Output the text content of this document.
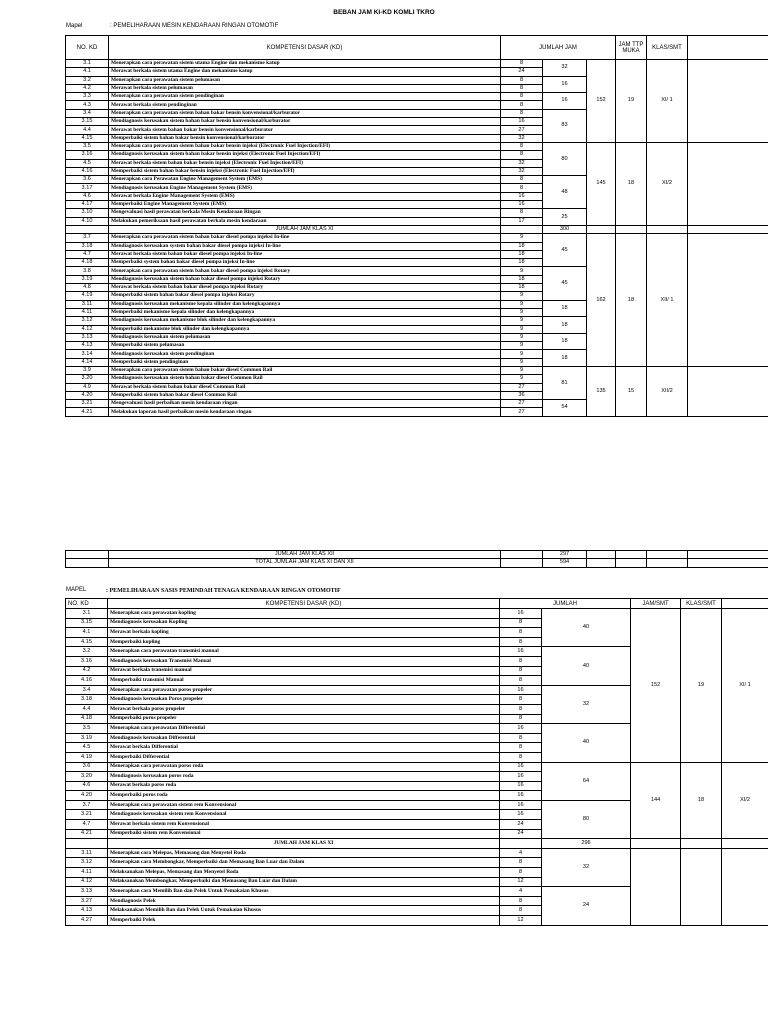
BEBAN JAM KI-KD KOMLI TKRO
Mapel	: PEMELIHARAAN MESIN KENDARAAN RINGAN OTOMOTIF
NO. KD	KOMPETENSI DASAR (KD)	JUMLAH JAM			JAM TTP MUKA	KLAS/SMT	
3.1	Menerapkan cara perawatan sistem utama Engine dan mekanisme katup	8	32	152	19	XI/ 1	
4.1	Merawat berkala sistem utama Engine dan mekanisme katup	24					
3.2	Menerapkan cara perawatan sistem pelumasan	8	16				
4.2	Merawat berkala sistem pelumasan	8					
3.3	Menerapkan cara perawatan sistem pendinginan	8	16				
4.3	Merawat berkala sistem pendinginan	8					
3.4	Menerapkan cara perawatan sistem bahan bakar bensin konvensional/karburator	8	83				
3.15	Mendiagnosis kerusakan sistem bahan bakar bensin konvensional/karburator	16					
4.4	Merawat berkala sistem bahan bakar bensin konvensional/karburator	27					
4.15	Memperbaiki sistem bahan bakar bensin konvensional/karburator	32					
3.5	Menerapkan cara perawatan sistem bahan bakar bensin injeksi (Electronic Fuel Injection/EFI)	8	80	145	18	XI/2	
3.16	Mendiagnosis kerusakan sistem bahan bakar bensin injeksi (Electronic Fuel Injection/EFI)	8					
4.5	Merawat berkala sistem bahan bakar bensin injeksi (Electronic Fuel Injection/EFI)	32					
4.16	Memperbaiki sistem bahan bakar bensin injeksi (Electronic Fuel Injection/EFI)	32					
3.6	Menerapkan cara Perawatan Engine Management System (EMS)	8	48				
3.17	Mendiagnosis kerusakan Engine Management System (EMS)	8					
4.6	Merawat berkala Engine Management System (EMS)	16					
4.17	Memperbaiki Engine Management System (EMS)	16					
3.10	Mengevaluasi hasil perawatan berkala Mesin Kendaraan Ringan	8	25				
4.10	Melakukan pemeriksaan hasil perawatan berkala mesin kendaraan	17					
	JUMLAH JAM KLAS XI		300				
3.7	Menerapkan cara perawatan sistem bahan bakar diesel pompa injeksi In-line	9	45	162	18	XII/ 1	
3.18	Mendiagnosis kerusakan system bahan bakar diesel pompa injeksi In-line	18					
4.7	Merawat berkala sistem bahan bakar diesel pompa injeksi In-line	18					
4.18	Memperbaiki system bahan bakar diesel pompa injeksi In-line	18					
3.8	Menerapkan cara perawatan sistem bahan bakar diesel pompa injeksi Rotary	9	45				
3.19	Mendiagnosis kerusakan sistem bahan bakar diesel pompa injeksi Rotary	18					
4.8	Merawat berkala sistem bahan bakar diesel pompa injeksi Rotary	18					
4.19	Memperbaiki sistem bahan bakar diesel pompa injeksi Rotary	9					
3.11	Mendiagnosis kerusakan mekanisme kepala silinder dan kelengkapannya	9	18				
4.11	Memperbaiki mekanisme kepala silinder dan kelengkapannya	9					
3.12	Mendiagnosis kerusakan mekanisme blok silinder dan kelengkapannya	9	18				
4.12	Memperbaiki mekanisme blok silinder dan kelengkapannya	9					
3.13	Mendiagnosis kerusakan sistem pelumasan	9	18				
4.13	Memperbaiki sistem pelumasan	9					
3.14	Mendiagnosis kerusakan sistem pendinginan	9	18				
4.14	Memperbaiki sistem pendinginan	9					
3.9	Menerapkan cara perawatan sistem bahan bakar diesel Common Rail	9	81	135	15	XII/2	
3.20	Mendiagnosis kerusakan sistem bahan bakar diesel Common Rail	9					
4.9	Merawat berkala sistem bahan bakar diesel Common Rail	27					
4.20	Memperbaiki sistem bahan bakar diesel Common Rail	36					
3.21	Mengevaluasi hasil perbaikan mesin kendaraan ringan	27	54				
4.21	Melakukan laporan hasil perbaikan mesin kendaraan ringan	27					
	JUMLAH JAM KLAS XII		297				
	TOTAL JUMLAH JAM KLAS XI DAN XII		594				
MAPEL	: PEMELIHARAAN SASIS PEMINDAH TENAGA KENDARAAN RINGAN OTOMOTIF
NO. KD	KOMPETENSI DASAR (KD)	JUMLAH		JAM/SMT	KLAS/SMT	
3.1	Menerapkan cara perawatan kopling	16	40	152	19	XI/ 1
3.15	Mendiagnosis kerusakan Kopling	8				
4.1	Merawat berkala kopling	8				
4.15	Memperbaiki kopling	8				
3.2	Menerapkan cara perawatan transmisi manual	16	40			
3.16	Mendiagnosis kerusakan Transmisi Manual	8				
4.2	Merawat berkala transmisi manual	8				
4.16	Memperbaiki transmisi Manual	8				
3.4	Menerapkan cara perawatan poros propeler	16	32			
3.18	Mendiagnosis kerusakan Poros propeler	8				
4.4	Merawat berkala poros propeler	8				
4.18	Memperbaiki poros propeler	8				
3.5	Menerapkan cara perawatan Differential	16	40			
3.19	Mendiagnosis kerusakan Differential	8				
4.5	Merawat berkala Differential	8				
4.19	Memperbaiki Differential	8				
3.6	Menerapkan cara perawatan poros roda	16	64	144	18	XI/2
3.20	Mendiagnosis kerusakan poros roda	16				
4.6	Merawat berkala poros roda	16				
4.20	Memperbaiki poros roda	16				
3.7	Menerapkan cara perawatan sistem rem Konvensional	16	80			
3.21	Mendiagnosis kerusakan sistem rem Konvensional	16				
4.7	Merawat berkala sistem rem Konvensional	24				
4.21	Memperbaiki sistem rem Konvensional	24				
	JUMLAH JAM KLAS XI		296			
3.11	Menerapkan cara Melepas, Memasang dan Menyetel Roda	4	32			
3.12	Menerapkan cara Membongkar, Memperbaiki dan Memasang Ban Luar dan Dalam	8				
4.11	Melaksanakan Melepas, Memasang dan Menyetel Roda	8				
4.12	Melaksanakan Membongkar, Memperbaiki dan Memasang Ban Luar dan Dalam	12				
3.13	Menerapkan cara Memilih Ban dan Pelek Untuk Pemakaian Khusus	4	24			
3.27	Mendiagnosis Pelek	8				
4.13	Melaksanakan Memilih Ban dan Pelek Untuk Pemakaian Khusus	8				
4.27	Memperbaiki Pelek	12				
